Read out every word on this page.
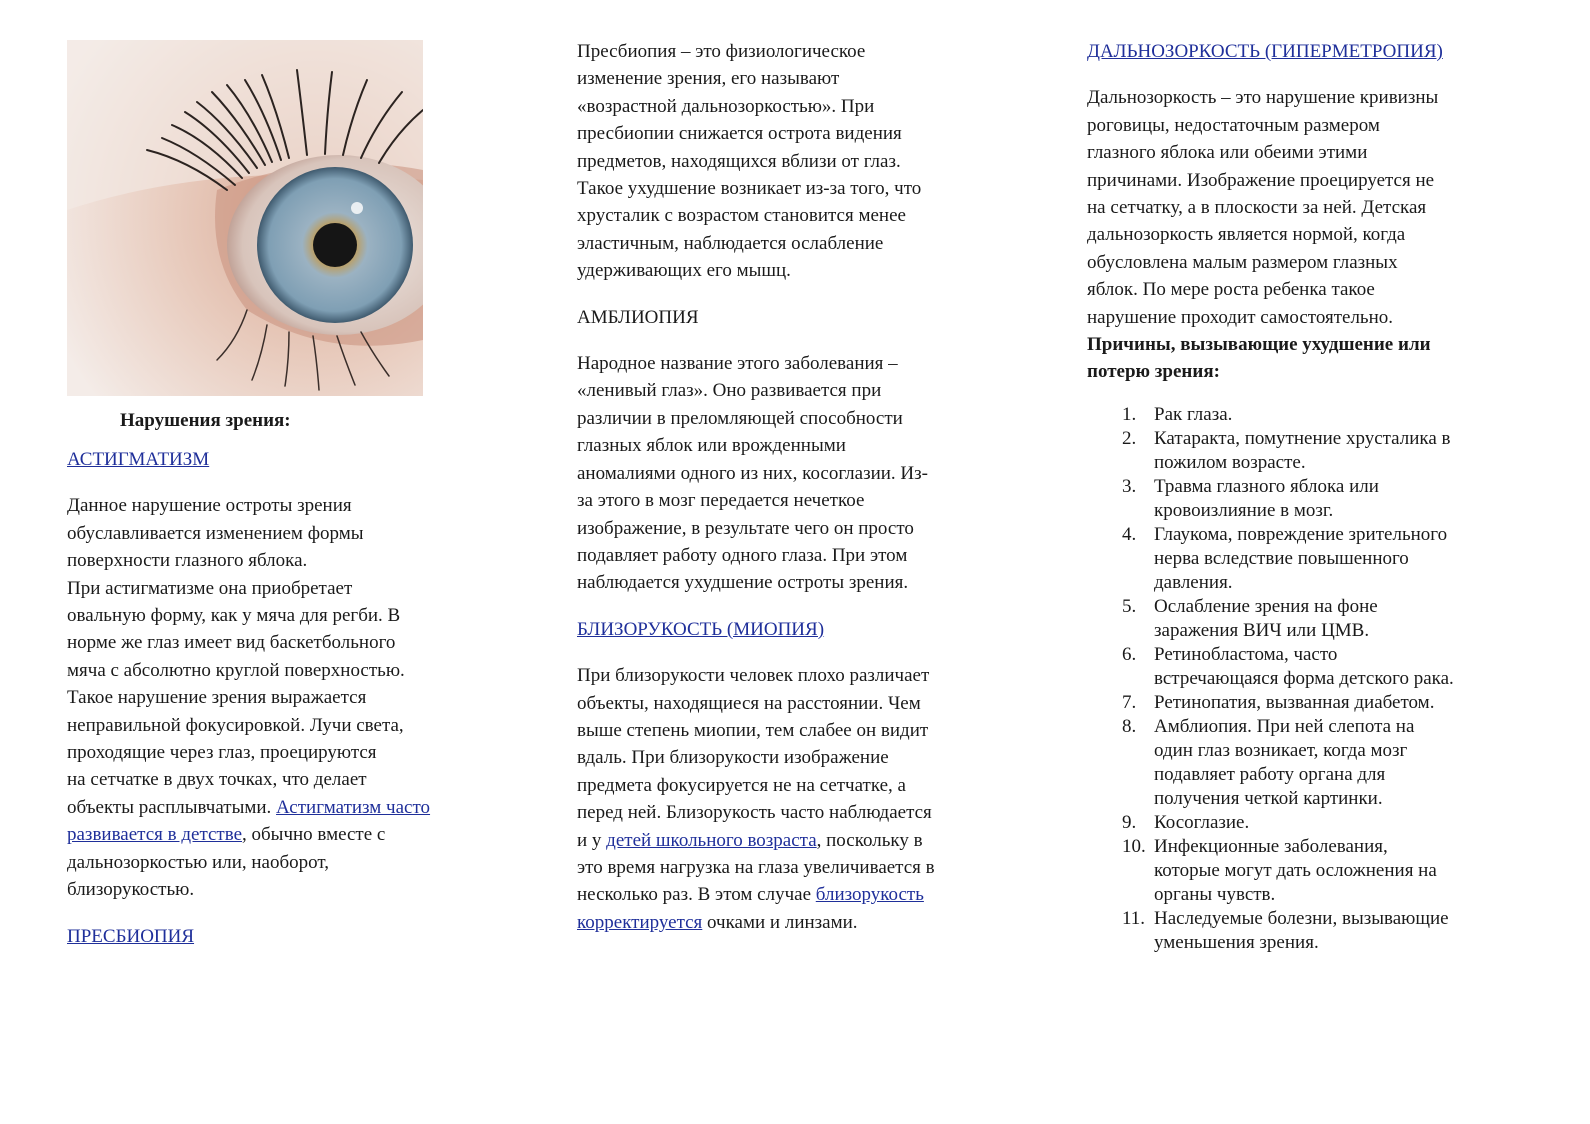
Нарушения зрения:

АСТИГМАТИЗМ

Данное нарушение остроты зрения
обуславливается изменением формы
поверхности глазного яблока.
При астигматизме она приобретает
овальную форму, как у мяча для регби. В
норме же глаз имеет вид баскетбольного
мяча с абсолютно круглой поверхностью.
Такое нарушение зрения выражается
неправильной фокусировкой. Лучи света,
проходящие через глаз, проецируются
на сетчатке в двух точках, что делает
объекты расплывчатыми. Астигматизм часто
развивается в детстве, обычно вместе с
дальнозоркостью или, наоборот,
близорукостью.

ПРЕСБИОПИЯ

Пресбиопия – это физиологическое
изменение зрения, его называют
«возрастной дальнозоркостью». При
пресбиопии снижается острота видения
предметов, находящихся вблизи от глаз.
Такое ухудшение возникает из-за того, что
хрусталик с возрастом становится менее
эластичным, наблюдается ослабление
удерживающих его мышц.

АМБЛИОПИЯ

Народное название этого заболевания –
«ленивый глаз». Оно развивается при
различии в преломляющей способности
глазных яблок или врожденными
аномалиями одного из них, косоглазии. Из-
за этого в мозг передается нечеткое
изображение, в результате чего он просто
подавляет работу одного глаза. При этом
наблюдается ухудшение остроты зрения.

БЛИЗОРУКОСТЬ (МИОПИЯ)

При близорукости человек плохо различает
объекты, находящиеся на расстоянии. Чем
выше степень миопии, тем слабее он видит
вдаль. При близорукости изображение
предмета фокусируется не на сетчатке, а
перед ней. Близорукость часто наблюдается
и у детей школьного возраста, поскольку в
это время нагрузка на глаза увеличивается в
несколько раз. В этом случае близорукость
корректируется очками и линзами.

ДАЛЬНОЗОРКОСТЬ (ГИПЕРМЕТРОПИЯ)

Дальнозоркость – это нарушение кривизны
роговицы, недостаточным размером
глазного яблока или обеими этими
причинами. Изображение проецируется не
на сетчатку, а в плоскости за ней. Детская
дальнозоркость является нормой, когда
обусловлена малым размером глазных
яблок. По мере роста ребенка такое
нарушение проходит самостоятельно.

Причины, вызывающие ухудшение или
потерю зрения:

1. Рак глаза.
2. Катаракта, помутнение хрусталика в
пожилом возрасте.
3. Травма глазного яблока или
кровоизлияние в мозг.
4. Глаукома, повреждение зрительного
нерва вследствие повышенного
давления.
5. Ослабление зрения на фоне
заражения ВИЧ или ЦМВ.
6. Ретинобластома, часто
встречающаяся форма детского рака.
7. Ретинопатия, вызванная диабетом.
8. Амблиопия. При ней слепота на
один глаз возникает, когда мозг
подавляет работу органа для
получения четкой картинки.
9. Косоглазие.
10. Инфекционные заболевания,
которые могут дать осложнения на
органы чувств.
11. Наследуемые болезни, вызывающие
уменьшения зрения.
